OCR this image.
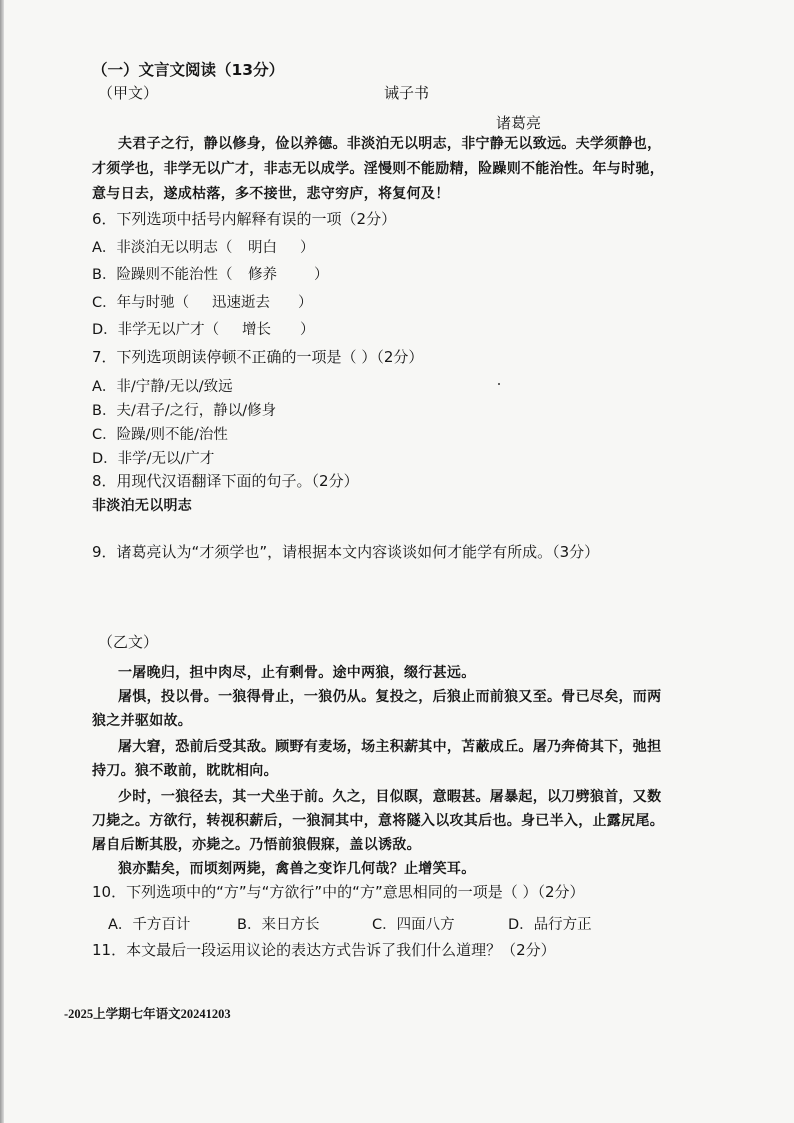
（一）文言文阅读（13分）
（甲文）	诫子书
诸葛亮
夫君子之行，静以修身，俭以养德。非淡泊无以明志，非宁静无以致远。夫学须静也，
才须学也，非学无以广才，非志无以成学。淫慢则不能励精，险躁则不能治性。年与时驰，
意与日去，遂成枯落，多不接世，悲守穷庐，将复何及！
6．下列选项中括号内解释有误的一项（2分）
A．非淡泊无以明志（ 明白 ）
B．险躁则不能治性（ 修养	）
C．年与时驰（ 迅速逝去 ）
D．非学无以广才（ 增长 ）
7．下列选项朗读停顿不正确的一项是（ ）（2分）
A．非/宁静/无以/致远
B．夫/君子/之行，静以/修身
C．险躁/则不能/治性
D．非学/无以/广才
8．用现代汉语翻译下面的句子。（2分）
非淡泊无以明志
9．诸葛亮认为“才须学也”，请根据本文内容谈谈如何才能学有所成。（3分）
（乙文）
一屠晚归，担中肉尽，止有剩骨。途中两狼，缀行甚远。
屠惧，投以骨。一狼得骨止，一狼仍从。复投之，后狼止而前狼又至。骨已尽矣，而两
狼之并驱如故。
屠大窘，恐前后受其敌。顾野有麦场，场主积薪其中，苫蔽成丘。屠乃奔倚其下，弛担
持刀。狼不敢前，眈眈相向。
少时，一狼径去，其一犬坐于前。久之，目似瞑，意暇甚。屠暴起，以刀劈狼首，又数
刀毙之。方欲行，转视积薪后，一狼洞其中，意将隧入以攻其后也。身已半入，止露尻尾。
屠自后断其股，亦毙之。乃悟前狼假寐，盖以诱敌。
狼亦黠矣，而顷刻两毙，禽兽之变诈几何哉？止增笑耳。
10．下列选项中的“方”与“方欲行”中的“方”意思相同的一项是（ ）（2分）
A．千方百计	B．来日方长	C．四面八方	D．品行方正
11．本文最后一段运用议论的表达方式告诉了我们什么道理？（2分）
-2025上学期七年语文20241203
